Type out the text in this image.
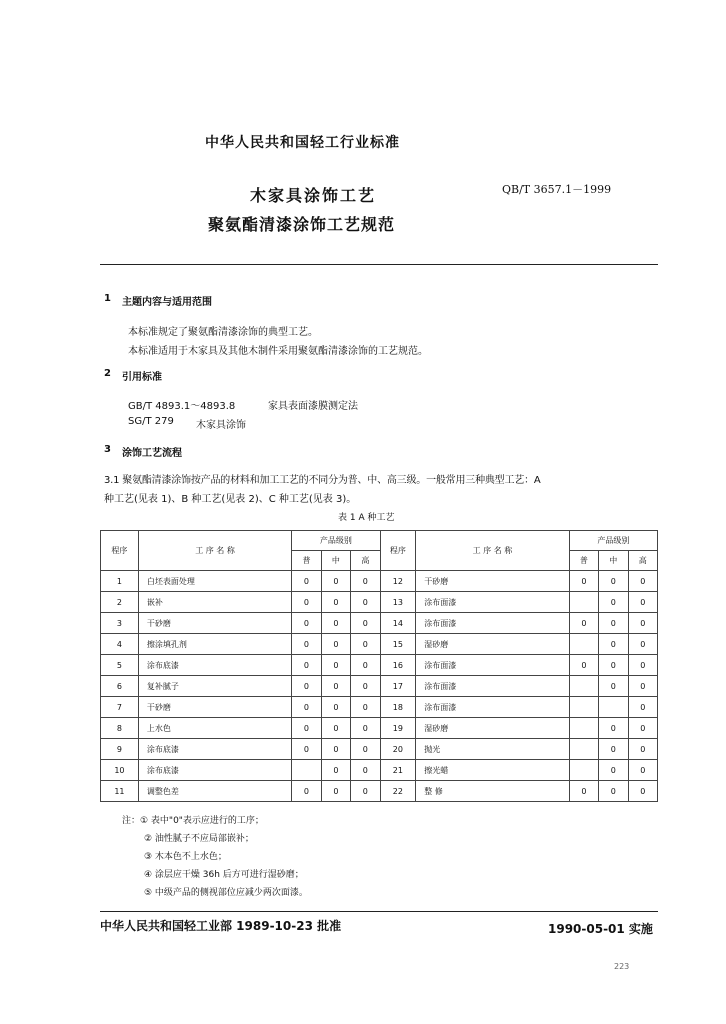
中华人民共和国轻工行业标准
木家具涂饰工艺
聚氨酯清漆涂饰工艺规范
QB/T 3657.1－1999
1 主题内容与适用范围
本标准规定了聚氨酯清漆涂饰的典型工艺。
本标准适用于木家具及其他木制件采用聚氨酯清漆涂饰的工艺规范。
2 引用标准
GB/T 4893.1～4893.8	家具表面漆膜测定法
SG/T 279 木家具涂饰
3 涂饰工艺流程
3.1 聚氨酯清漆涂饰按产品的材料和加工工艺的不同分为普、中、高三级。一般常用三种典型工艺：A
种工艺(见表 1)、B 种工艺(见表 2)、C 种工艺(见表 3)。
表 1 A 种工艺
程序	工 序 名 称	产品级别			程序	工 序 名 称	产品级别		
		普	中	高			普	中	高
1	白坯表面处理	0	0	0	12	干砂磨	0	0	0
2	嵌补	0	0	0	13	涂布面漆		0	0
3	干砂磨	0	0	0	14	涂布面漆	0	0	0
4	擦涂填孔剂	0	0	0	15	湿砂磨		0	0
5	涂布底漆	0	0	0	16	涂布面漆	0	0	0
6	复补腻子	0	0	0	17	涂布面漆		0	0
7	干砂磨	0	0	0	18	涂布面漆			0
8	上水色	0	0	0	19	湿砂磨		0	0
9	涂布底漆	0	0	0	20	抛光		0	0
10	涂布底漆		0	0	21	擦光蜡		0	0
11	调整色差	0	0	0	22	整 修	0	0	0
注：① 表中"0"表示应进行的工序；
② 油性腻子不应局部嵌补；
③ 木本色不上水色；
④ 涂层应干燥 36h 后方可进行湿砂磨；
⑤ 中级产品的侧视部位应减少两次面漆。
中华人民共和国轻工业部 1989-10-23 批准	1990-05-01 实施
223
